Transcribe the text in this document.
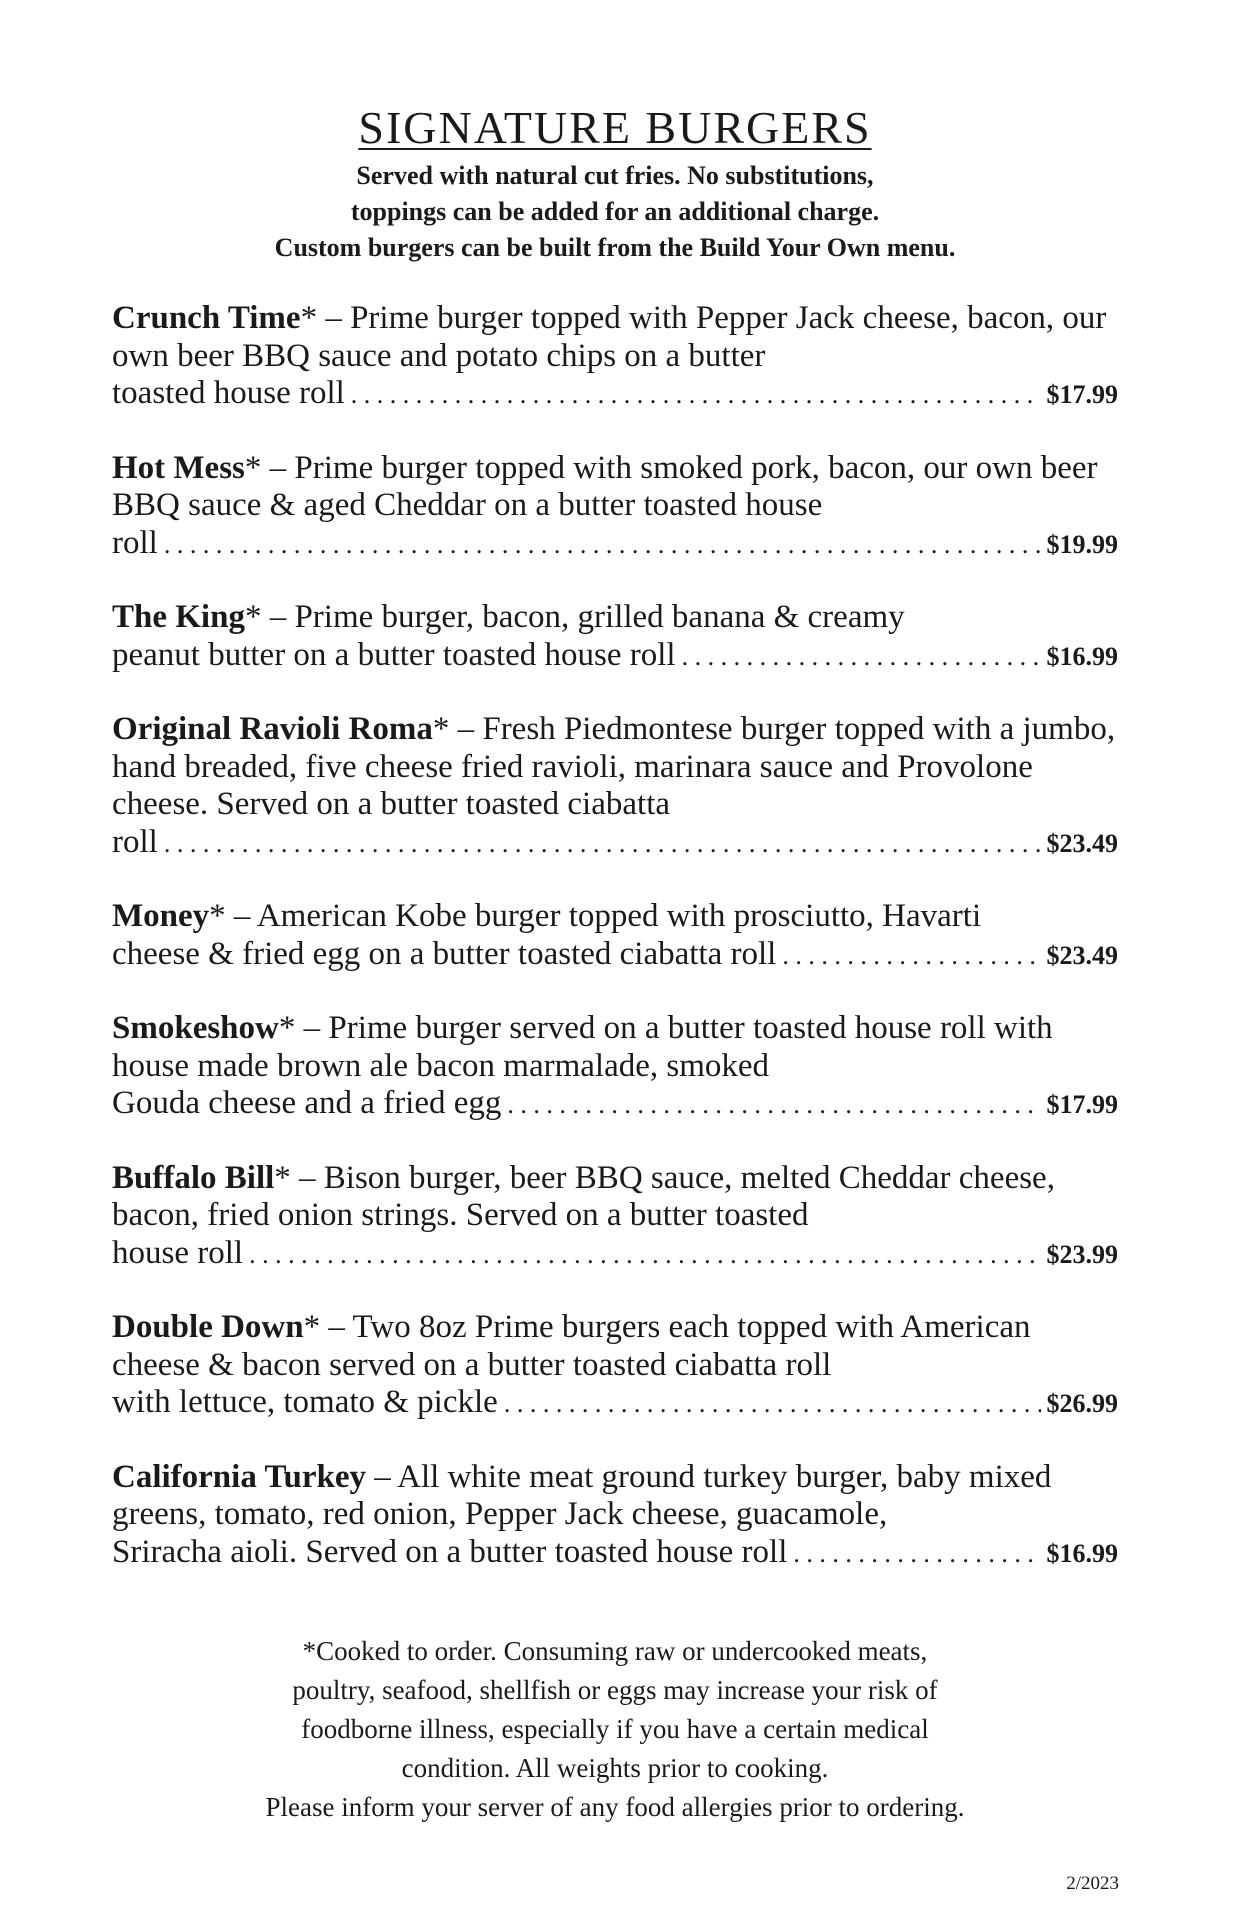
SIGNATURE BURGERS
Served with natural cut fries. No substitutions,
toppings can be added for an additional charge.
Custom burgers can be built from the Build Your Own menu.
Crunch Time* – Prime burger topped with Pepper Jack cheese, bacon, our own beer BBQ sauce and potato chips on a butter
toasted house roll . . .	$17.99
Hot Mess* – Prime burger topped with smoked pork, bacon, our own beer BBQ sauce & aged Cheddar on a butter toasted house
roll . . .	$19.99
The King* – Prime burger, bacon, grilled banana & creamy
peanut butter on a butter toasted house roll . . .	$16.99
Original Ravioli Roma* – Fresh Piedmontese burger topped with a jumbo, hand breaded, five cheese fried ravioli, marinara sauce and Provolone cheese. Served on a butter toasted ciabatta
roll . . .	$23.49
Money* – American Kobe burger topped with prosciutto, Havarti
cheese & fried egg on a butter toasted ciabatta roll . . .	$23.49
Smokeshow* – Prime burger served on a butter toasted house roll with house made brown ale bacon marmalade, smoked
Gouda cheese and a fried egg . . .	$17.99
Buffalo Bill* – Bison burger, beer BBQ sauce, melted Cheddar cheese, bacon, fried onion strings. Served on a butter toasted
house roll . . .	$23.99
Double Down* – Two 8oz Prime burgers each topped with American cheese & bacon served on a butter toasted ciabatta roll
with lettuce, tomato & pickle . . .	$26.99
California Turkey – All white meat ground turkey burger, baby mixed greens, tomato, red onion, Pepper Jack cheese, guacamole,
Sriracha aioli. Served on a butter toasted house roll . . .	$16.99

*Cooked to order. Consuming raw or undercooked meats,

poultry, seafood, shellfish or eggs may increase your risk of

foodborne illness, especially if you have a certain medical

condition. All weights prior to cooking.

Please inform your server of any food allergies prior to ordering.

2/2023
